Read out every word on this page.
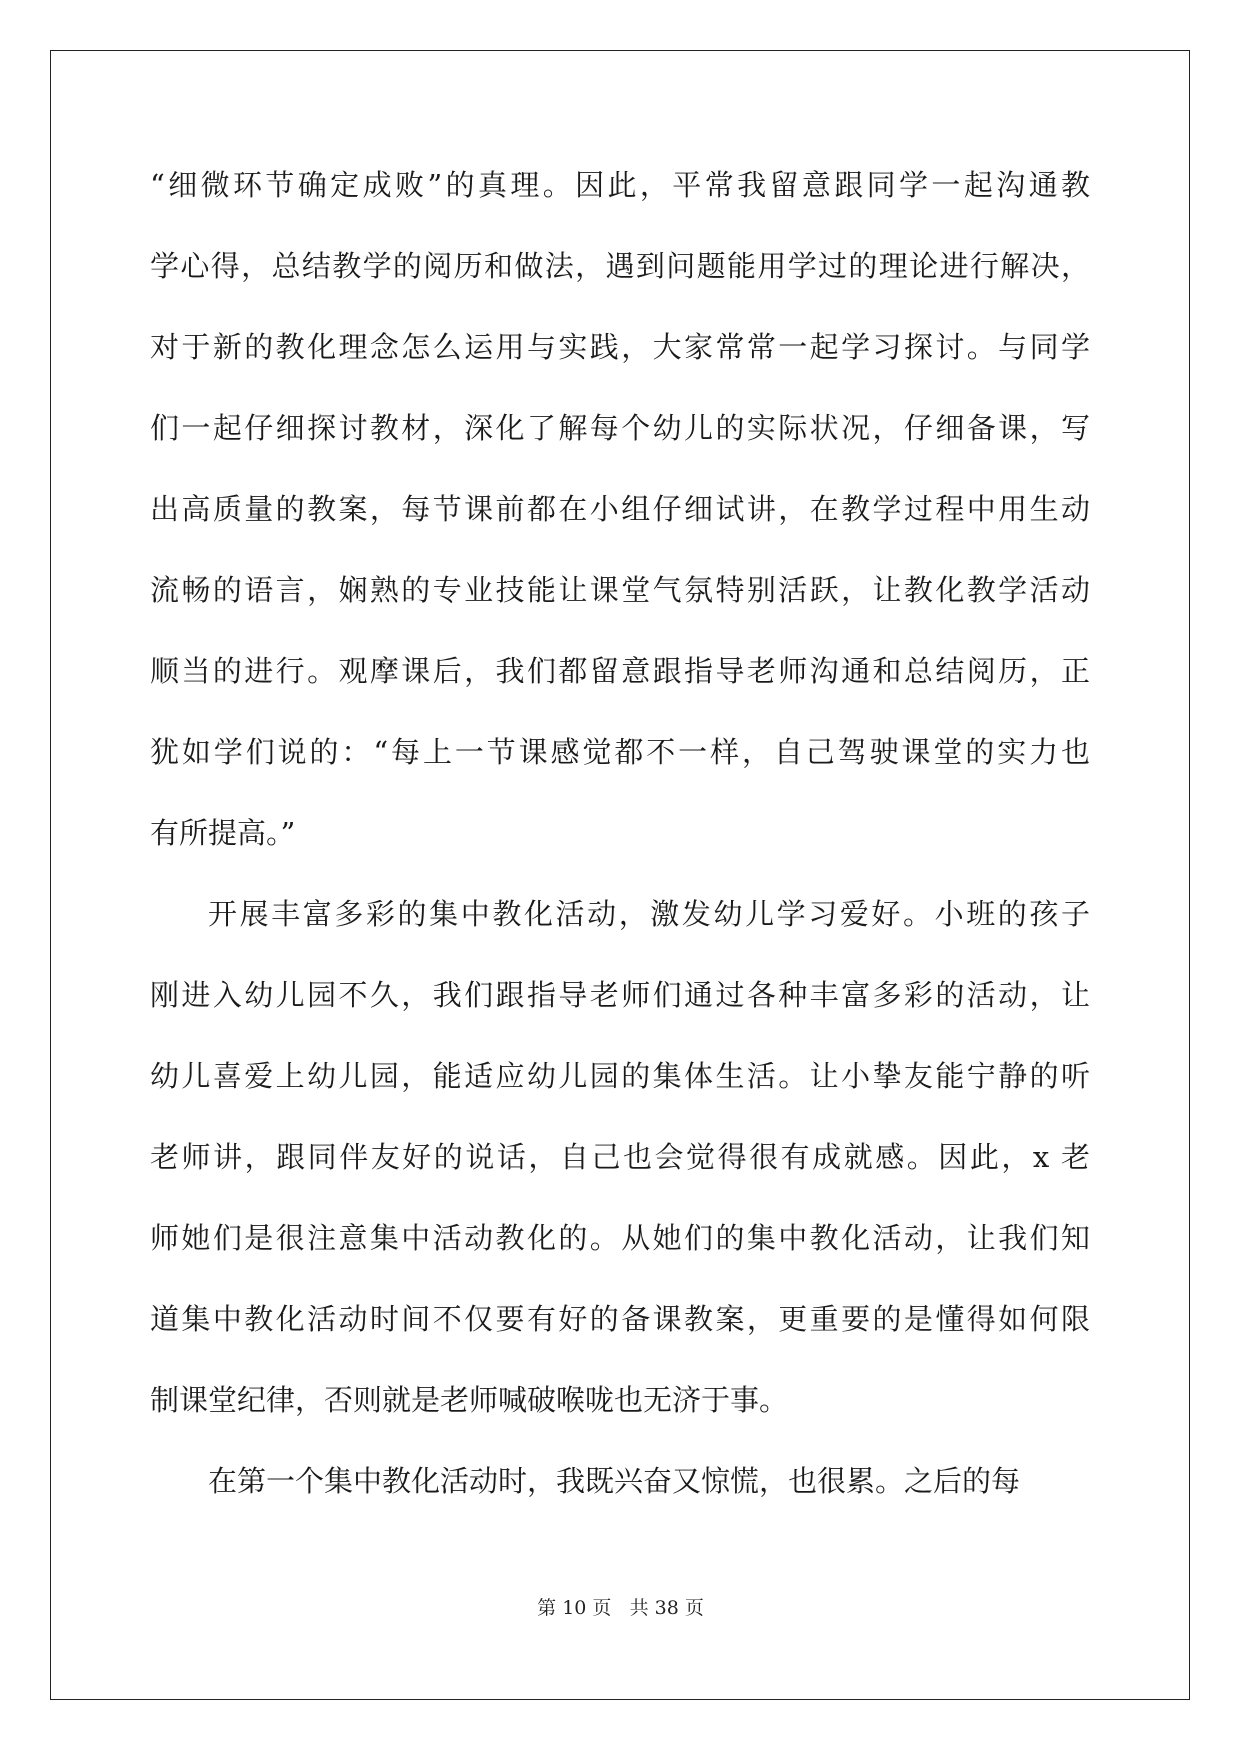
“细微环节确定成败”的真理。因此，平常我留意跟同学一起沟通教
学心得，总结教学的阅历和做法，遇到问题能用学过的理论进行解决，
对于新的教化理念怎么运用与实践，大家常常一起学习探讨。与同学
们一起仔细探讨教材，深化了解每个幼儿的实际状况，仔细备课，写
出高质量的教案，每节课前都在小组仔细试讲，在教学过程中用生动
流畅的语言，娴熟的专业技能让课堂气氛特别活跃，让教化教学活动
顺当的进行。观摩课后，我们都留意跟指导老师沟通和总结阅历，正
犹如学们说的：“每上一节课感觉都不一样，自己驾驶课堂的实力也
有所提高。”
开展丰富多彩的集中教化活动，激发幼儿学习爱好。小班的孩子
刚进入幼儿园不久，我们跟指导老师们通过各种丰富多彩的活动，让
幼儿喜爱上幼儿园，能适应幼儿园的集体生活。让小挚友能宁静的听
老师讲，跟同伴友好的说话，自己也会觉得很有成就感。因此，x 老
师她们是很注意集中活动教化的。从她们的集中教化活动，让我们知
道集中教化活动时间不仅要有好的备课教案，更重要的是懂得如何限
制课堂纪律，否则就是老师喊破喉咙也无济于事。
在第一个集中教化活动时，我既兴奋又惊慌，也很累。之后的每
第 10 页 共 38 页
